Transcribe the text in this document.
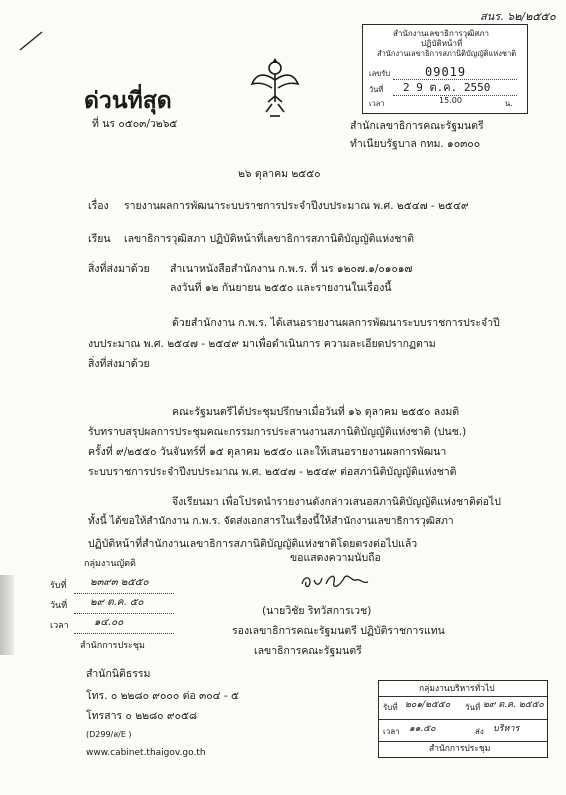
สนร. ๖๒/๒๕๕๐
สำนักงานเลขาธิการวุฒิสภา
ปฏิบัติหน้าที่
สำนักงานเลขาธิการสภานิติบัญญัติแห่งชาติ
เลขรับ	09019
วันที่ 2 9 ต.ค. 2550
เวลา	15.00	น.
ด่วนที่สุด
ที่ นร ๐๕๐๓/ว๒๖๕	สำนักเลขาธิการคณะรัฐมนตรี
ทำเนียบรัฐบาล กทม. ๑๐๓๐๐
๒๖ ตุลาคม ๒๕๕๐
เรื่อง รายงานผลการพัฒนาระบบราชการประจำปีงบประมาณ พ.ศ. ๒๕๔๗ - ๒๕๔๙
เรียน เลขาธิการวุฒิสภา ปฏิบัติหน้าที่เลขาธิการสภานิติบัญญัติแห่งชาติ
สิ่งที่ส่งมาด้วย สำเนาหนังสือสำนักงาน ก.พ.ร. ที่ นร ๑๒๐๗.๑/๐๑๐๑๗
ลงวันที่ ๑๒ กันยายน ๒๕๕๐ และรายงานในเรื่องนี้
ด้วยสำนักงาน ก.พ.ร. ได้เสนอรายงานผลการพัฒนาระบบราชการประจำปี
งบประมาณ พ.ศ. ๒๕๔๗ - ๒๕๔๙ มาเพื่อดำเนินการ ความละเอียดปรากฏตาม
สิ่งที่ส่งมาด้วย
คณะรัฐมนตรีได้ประชุมปรึกษาเมื่อวันที่ ๑๖ ตุลาคม ๒๕๕๐ ลงมติ
รับทราบสรุปผลการประชุมคณะกรรมการประสานงานสภานิติบัญญัติแห่งชาติ (ปนช.)
ครั้งที่ ๙/๒๕๕๐ วันจันทร์ที่ ๑๕ ตุลาคม ๒๕๕๐ และให้เสนอรายงานผลการพัฒนา
ระบบราชการประจำปีงบประมาณ พ.ศ. ๒๕๔๗ - ๒๕๔๙ ต่อสภานิติบัญญัติแห่งชาติ
จึงเรียนมา เพื่อโปรดนำรายงานดังกล่าวเสนอสภานิติบัญญัติแห่งชาติต่อไป
ทั้งนี้ ได้ขอให้สำนักงาน ก.พ.ร. จัดส่งเอกสารในเรื่องนี้ให้สำนักงานเลขาธิการวุฒิสภา
ปฏิบัติหน้าที่สำนักงานเลขาธิการสภานิติบัญญัติแห่งชาติโดยตรงต่อไปแล้ว
ขอแสดงความนับถือ
(นายวิชัย ริทวัสการเวช)
รองเลขาธิการคณะรัฐมนตรี ปฏิบัติราชการแทน
เลขาธิการคณะรัฐมนตรี
กลุ่มงานญัตติ
รับที่ ๒๓๙๓ ๒๕๕๐
วันที่ ๒๙ ต.ค. ๕๐
เวลา	๑๔.๐๐
สำนักการประชุม
สำนักนิติธรรม
โทร. ๐ ๒๒๘๐ ๙๐๐๐ ต่อ ๓๐๔ - ๕
โทรสาร ๐ ๒๒๘๐ ๙๐๕๘
(D299/ส/E )
www.cabinet.thaigov.go.th
กลุ่มงานบริหารทั่วไป
รับที่ ๒๐๑/๒๕๕๐ วันที่ ๒๙ ต.ค. ๒๕๕๐
เวลา ๑๑.๕๐	ส่ง บริหาร
สำนักการประชุม
